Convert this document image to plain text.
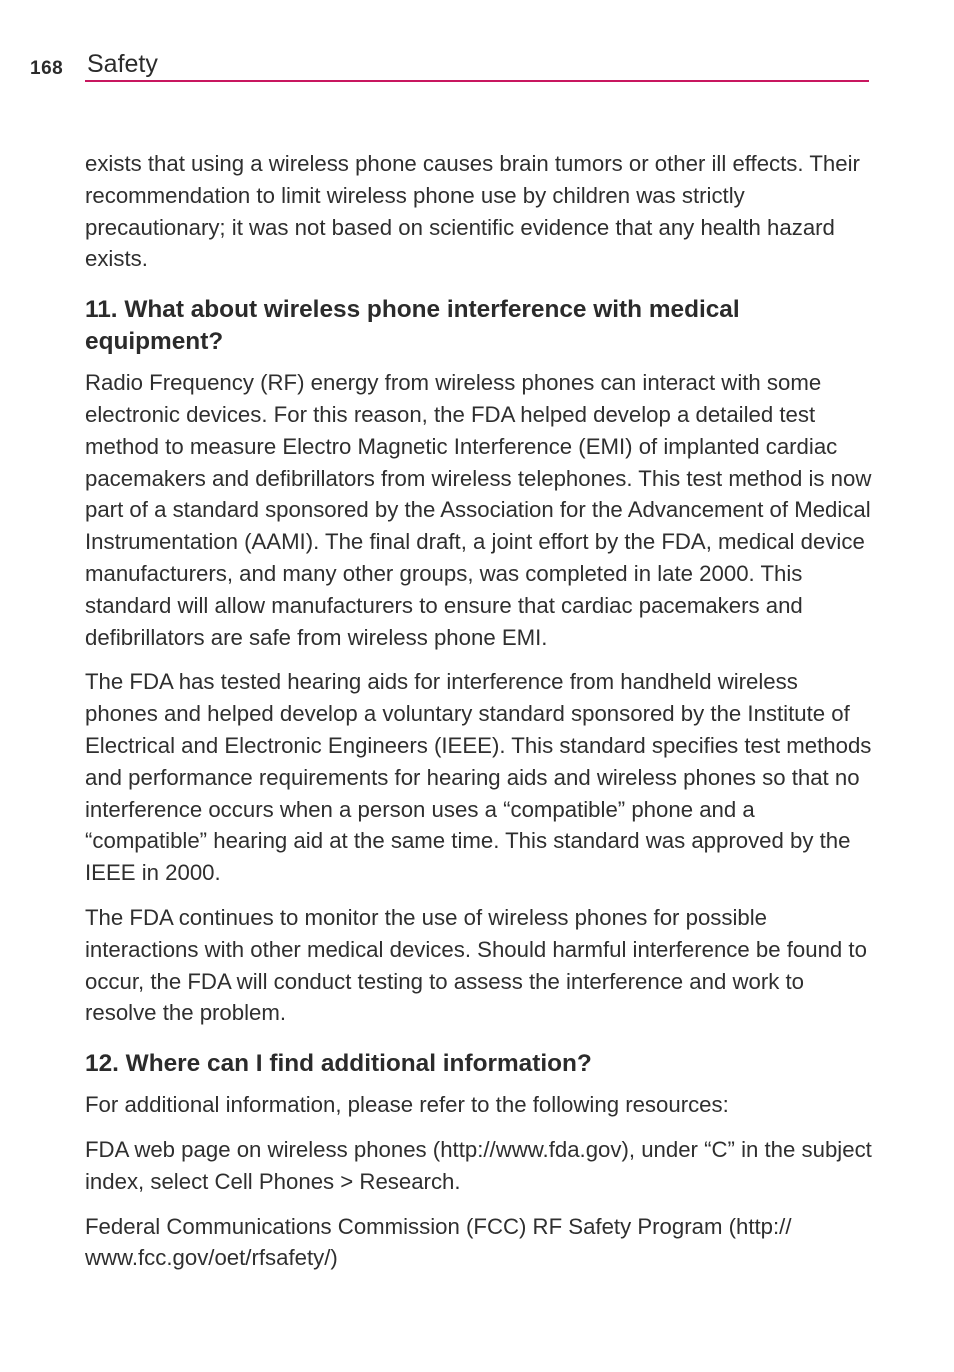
168 Safety

exists that using a wireless phone causes brain tumors or other ill effects. Their recommendation to limit wireless phone use by children was strictly precautionary; it was not based on scientific evidence that any health hazard exists.

11. What about wireless phone interference with medical equipment?

Radio Frequency (RF) energy from wireless phones can interact with some electronic devices. For this reason, the FDA helped develop a detailed test method to measure Electro Magnetic Interference (EMI) of implanted cardiac pacemakers and defibrillators from wireless telephones. This test method is now part of a standard sponsored by the Association for the Advancement of Medical Instrumentation (AAMI). The final draft, a joint effort by the FDA, medical device manufacturers, and many other groups, was completed in late 2000. This standard will allow manufacturers to ensure that cardiac pacemakers and defibrillators are safe from wireless phone EMI.

The FDA has tested hearing aids for interference from handheld wireless phones and helped develop a voluntary standard sponsored by the Institute of Electrical and Electronic Engineers (IEEE). This standard specifies test methods and performance requirements for hearing aids and wireless phones so that no interference occurs when a person uses a “compatible” phone and a “compatible” hearing aid at the same time. This standard was approved by the IEEE in 2000.

The FDA continues to monitor the use of wireless phones for possible interactions with other medical devices. Should harmful interference be found to occur, the FDA will conduct testing to assess the interference and work to resolve the problem.

12. Where can I find additional information?

For additional information, please refer to the following resources:

FDA web page on wireless phones (http://www.fda.gov), under “C” in the subject index, select Cell Phones > Research.

Federal Communications Commission (FCC) RF Safety Program (http:// www.fcc.gov/oet/rfsafety/)
